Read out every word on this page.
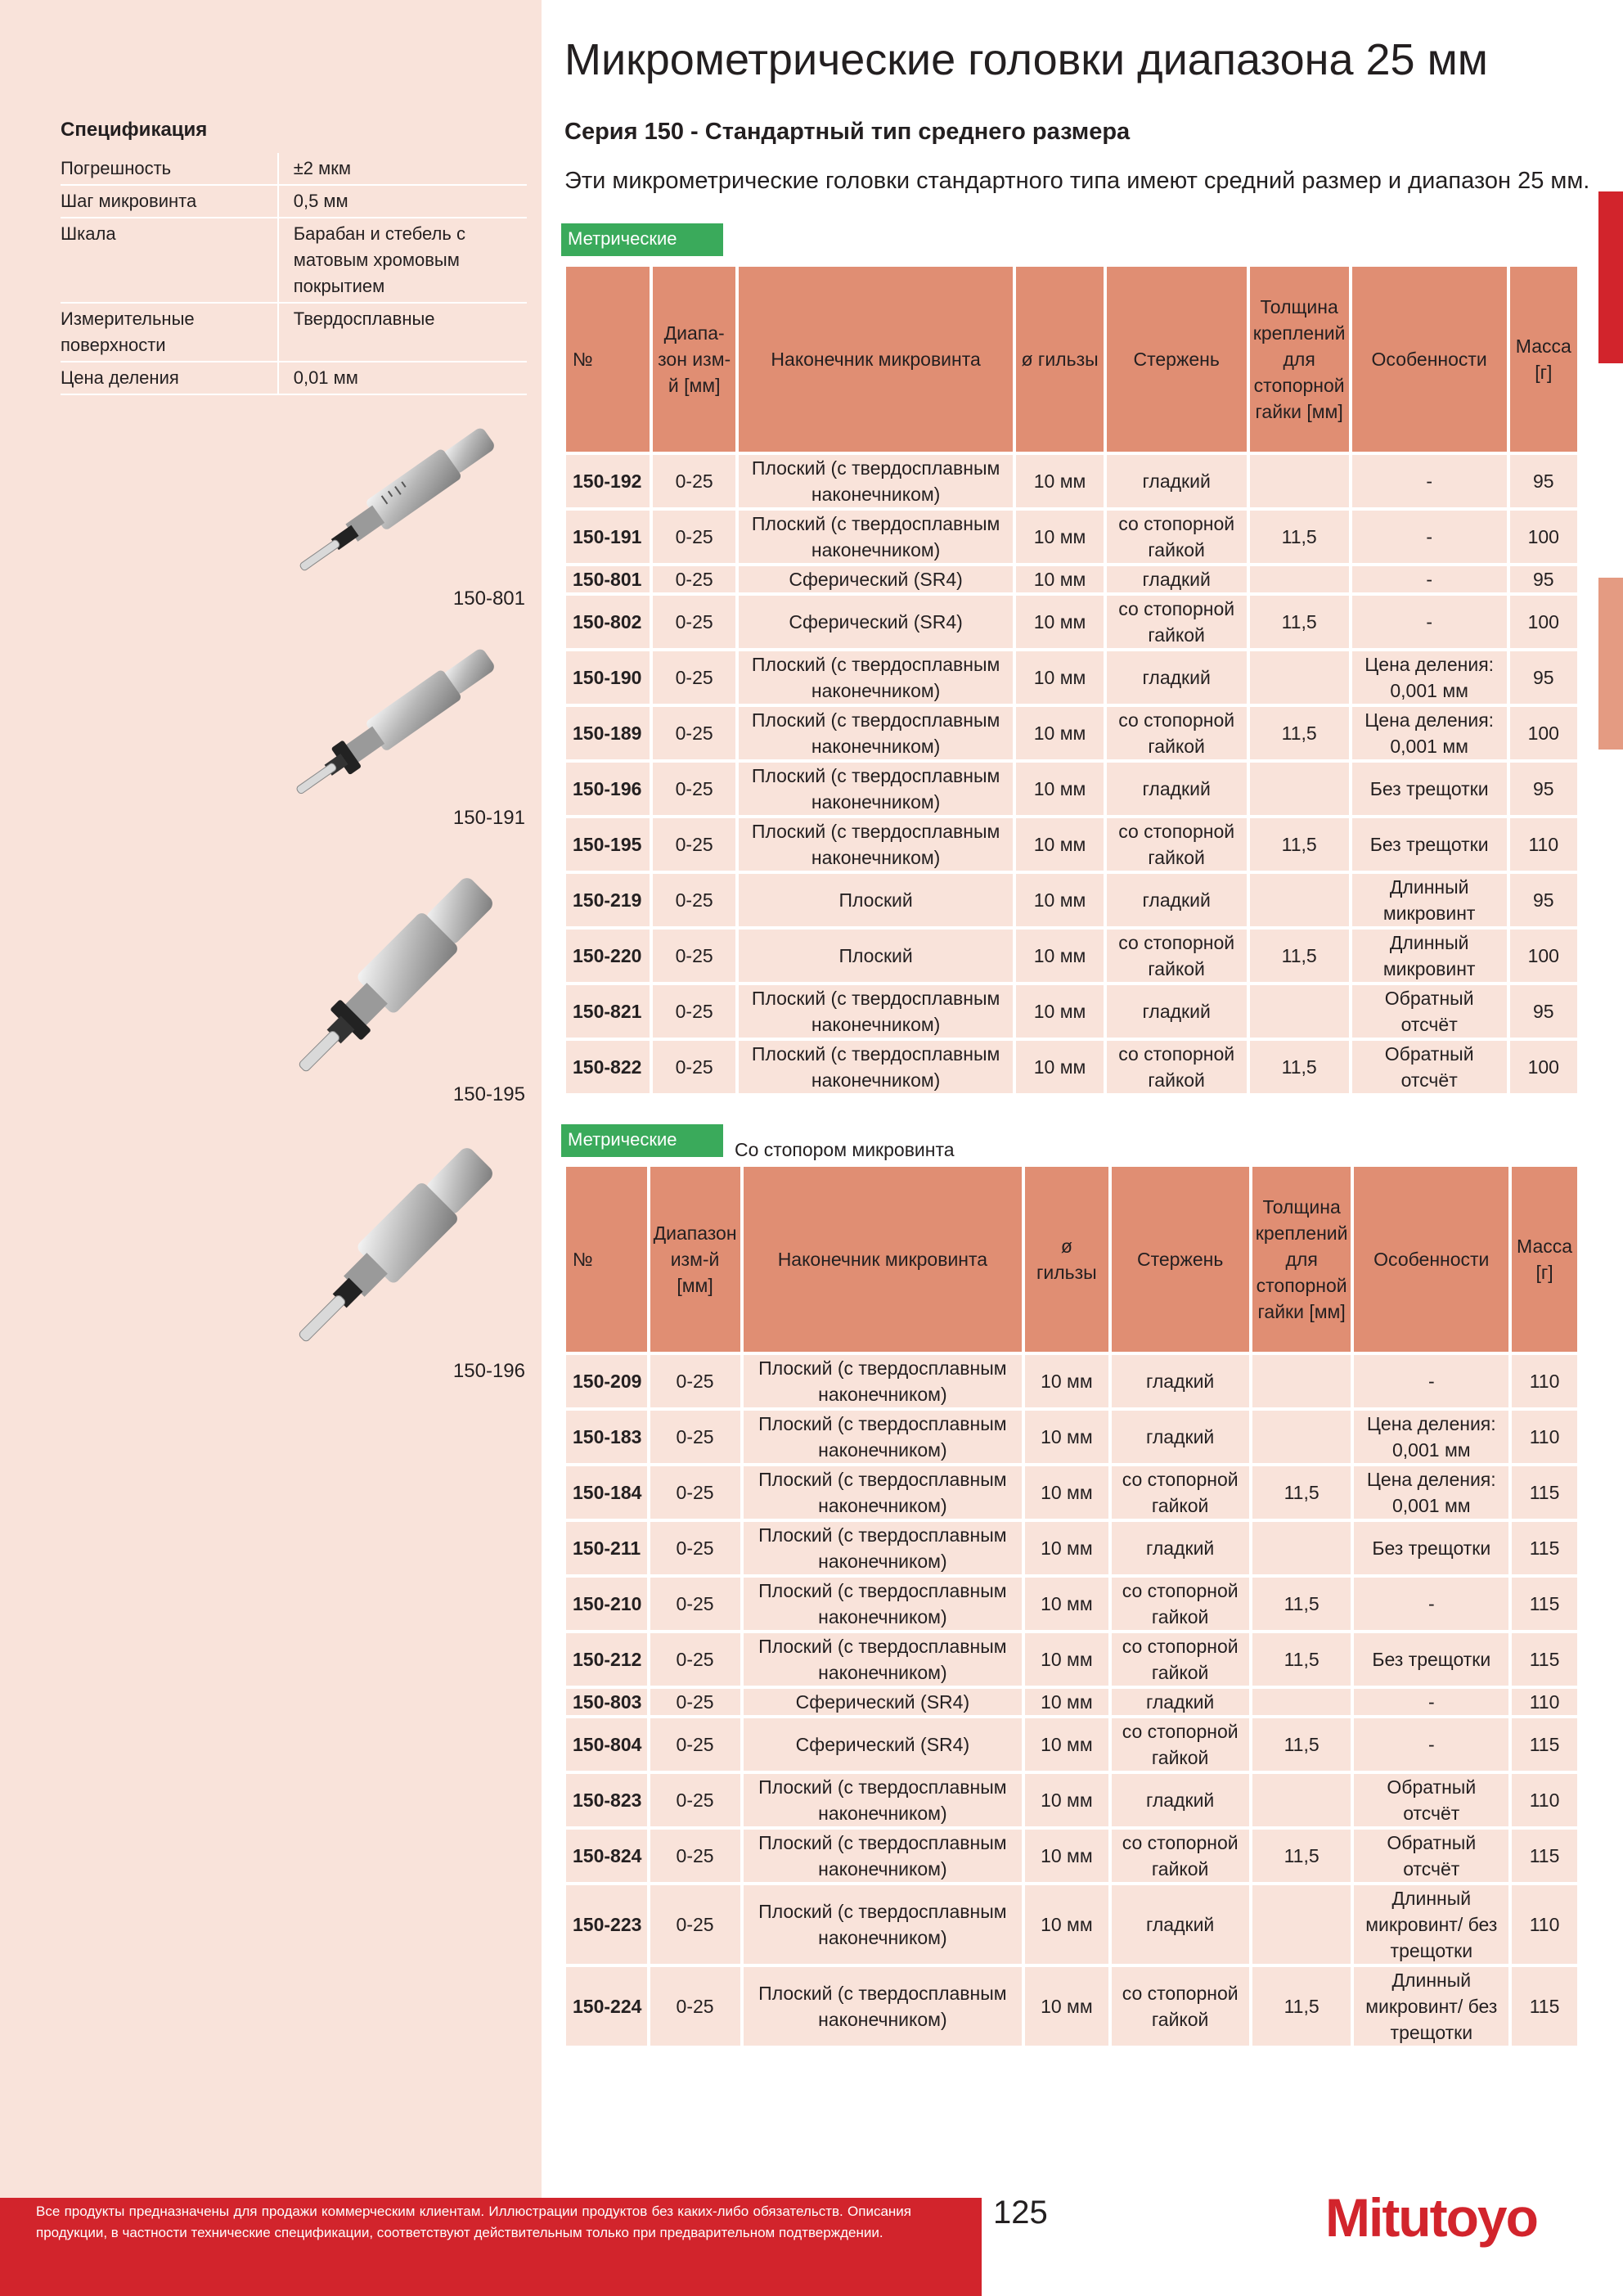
Спецификация
Погрешность	±2 мкм
Шаг микровинта	0,5 мм
Шкала	Барабан и стебель с матовым хромовым покрытием
Измерительные поверхности	Твердосплавные
Цена деления	0,01 мм
150-801
150-191
150-195
150-196
Микрометрические головки диапазона 25 мм
Серия 150 - Стандартный тип среднего размера
Эти микрометрические головки стандартного типа имеют средний размер и диапазон 25 мм.
Метрические
№	Диапа-зон изм-й [мм]	Наконечник микровинта	ø гильзы	Стержень	Толщина креплений для стопорной гайки [мм]	Особенности	Масса [г]
150-192	0-25	Плоский (с твердосплавным наконечником)	10 мм	гладкий		-	95
150-191	0-25	Плоский (с твердосплавным наконечником)	10 мм	со стопорной гайкой	11,5	-	100
150-801	0-25	Сферический (SR4)	10 мм	гладкий		-	95
150-802	0-25	Сферический (SR4)	10 мм	со стопорной гайкой	11,5	-	100
150-190	0-25	Плоский (с твердосплавным наконечником)	10 мм	гладкий		Цена деления: 0,001 мм	95
150-189	0-25	Плоский (с твердосплавным наконечником)	10 мм	со стопорной гайкой	11,5	Цена деления: 0,001 мм	100
150-196	0-25	Плоский (с твердосплавным наконечником)	10 мм	гладкий		Без трещотки	95
150-195	0-25	Плоский (с твердосплавным наконечником)	10 мм	со стопорной гайкой	11,5	Без трещотки	110
150-219	0-25	Плоский	10 мм	гладкий		Длинный микровинт	95
150-220	0-25	Плоский	10 мм	со стопорной гайкой	11,5	Длинный микровинт	100
150-821	0-25	Плоский (с твердосплавным наконечником)	10 мм	гладкий		Обратный отсчёт	95
150-822	0-25	Плоский (с твердосплавным наконечником)	10 мм	со стопорной гайкой	11,5	Обратный отсчёт	100
Метрические	Со стопором микровинта
№	Диапазон изм-й [мм]	Наконечник микровинта	ø гильзы	Стержень	Толщина креплений для стопорной гайки [мм]	Особенности	Масса [г]
150-209	0-25	Плоский (с твердосплавным наконечником)	10 мм	гладкий		-	110
150-183	0-25	Плоский (с твердосплавным наконечником)	10 мм	гладкий		Цена деления: 0,001 мм	110
150-184	0-25	Плоский (с твердосплавным наконечником)	10 мм	со стопорной гайкой	11,5	Цена деления: 0,001 мм	115
150-211	0-25	Плоский (с твердосплавным наконечником)	10 мм	гладкий		Без трещотки	115
150-210	0-25	Плоский (с твердосплавным наконечником)	10 мм	со стопорной гайкой	11,5	-	115
150-212	0-25	Плоский (с твердосплавным наконечником)	10 мм	со стопорной гайкой	11,5	Без трещотки	115
150-803	0-25	Сферический (SR4)	10 мм	гладкий		-	110
150-804	0-25	Сферический (SR4)	10 мм	со стопорной гайкой	11,5	-	115
150-823	0-25	Плоский (с твердосплавным наконечником)	10 мм	гладкий		Обратный отсчёт	110
150-824	0-25	Плоский (с твердосплавным наконечником)	10 мм	со стопорной гайкой	11,5	Обратный отсчёт	115
150-223	0-25	Плоский (с твердосплавным наконечником)	10 мм	гладкий		Длинный микровинт/ без трещотки	110
150-224	0-25	Плоский (с твердосплавным наконечником)	10 мм	со стопорной гайкой	11,5	Длинный микровинт/ без трещотки	115
Все продукты предназначены для продажи коммерческим клиентам. Иллюстрации продуктов без каких-либо обязательств. Описания продукции, в частности технические спецификации, соответствуют действительным только при предварительном подтверждении.
125	Mitutoyo
